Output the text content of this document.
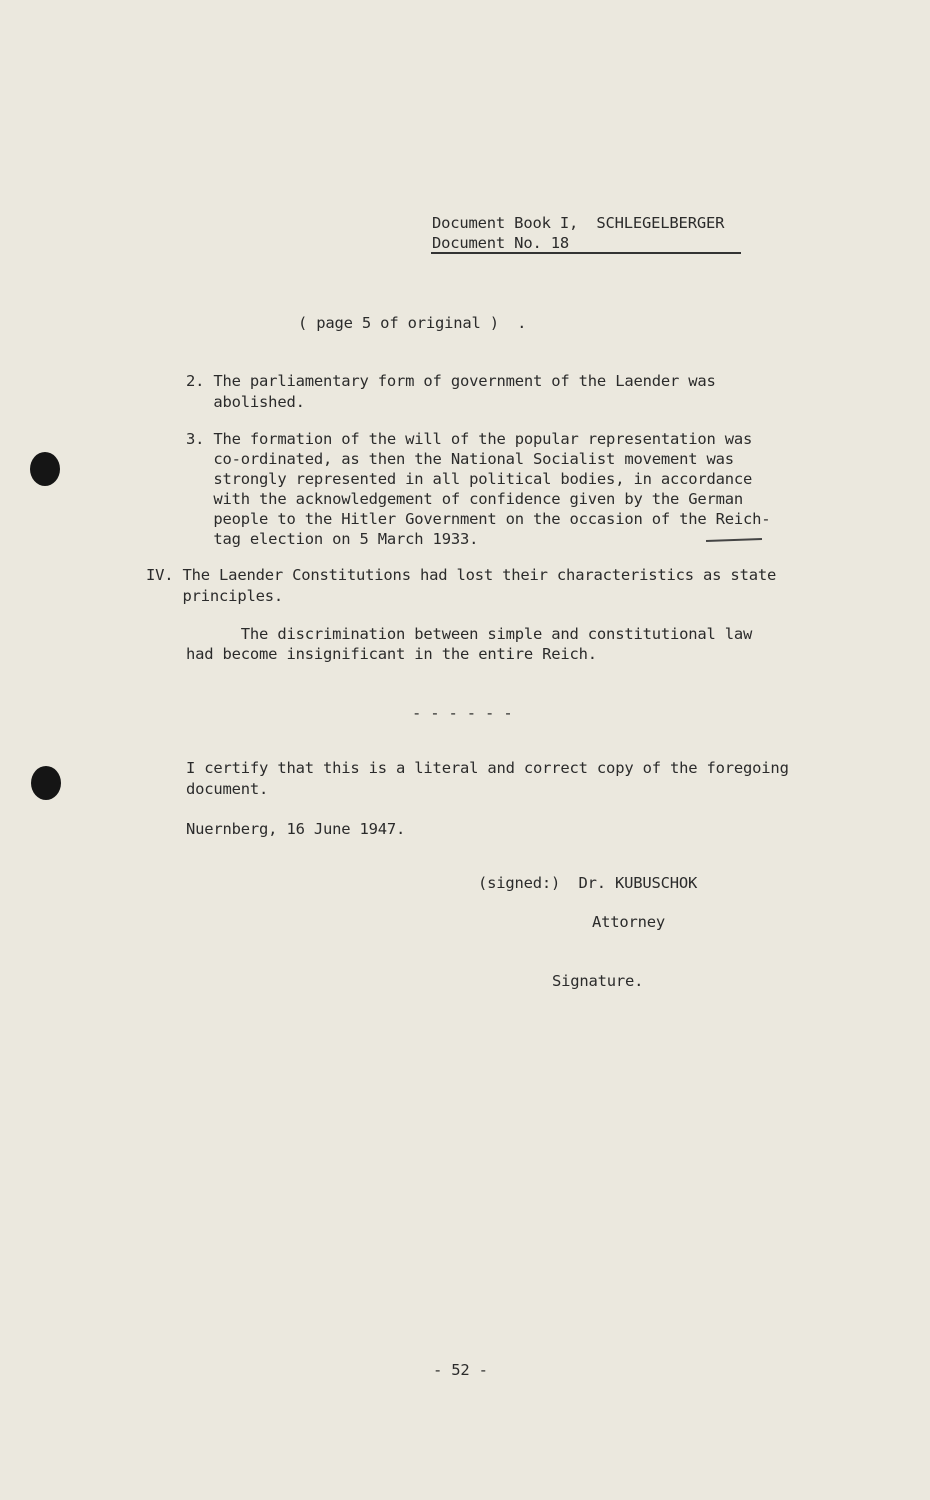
Document Book I,  SCHLEGELBERGER
Document No. 18
( page 5 of original )  .
2. The parliamentary form of government of the Laender was
abolished.
3. The formation of the will of the popular representation was
co-ordinated, as then the National Socialist movement was
strongly represented in all political bodies, in accordance
with the acknowledgement of confidence given by the German
people to the Hitler Government on the occasion of the Reich-
tag election on 5 March 1933.
IV. The Laender Constitutions had lost their characteristics as state
principles.
The discrimination between simple and constitutional law
had become insignificant in the entire Reich.
- - - - - -
I certify that this is a literal and correct copy of the foregoing
document.
Nuernberg, 16 June 1947.
(signed:)  Dr. KUBUSCHOK
Attorney
Signature.
- 52 -
